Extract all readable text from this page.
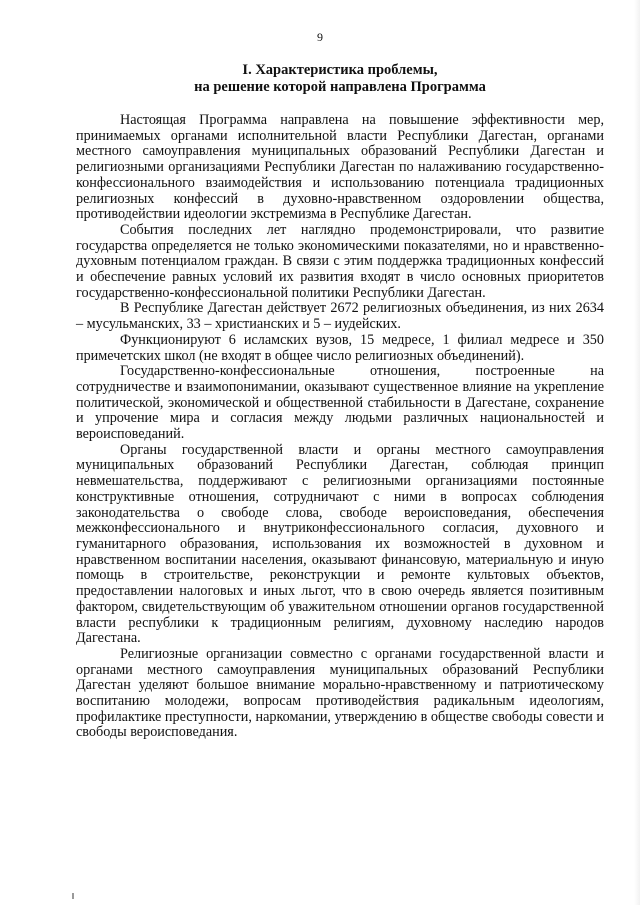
9
I. Характеристика проблемы,
на решение которой направлена Программа

Настоящая Программа направлена на повышение эффективности мер, принимаемых органами исполнительной власти Республики Дагестан, органами местного самоуправления муниципальных образований Республики Дагестан и религиозными организациями Республики Дагестан по налаживанию государственно-конфессионального взаимодействия и использованию потенциала традиционных религиозных конфессий в духовно-нравственном оздоровлении общества, противодействии идеологии экстремизма в Республике Дагестан.

События последних лет наглядно продемонстрировали, что развитие государства определяется не только экономическими показателями, но и нравственно-духовным потенциалом граждан. В связи с этим поддержка традиционных конфессий и обеспечение равных условий их развития входят в число основных приоритетов государственно-конфессиональной политики Республики Дагестан.

В Республике Дагестан действует 2672 религиозных объединения, из них 2634 – мусульманских, 33 – христианских и 5 – иудейских.

Функционируют 6 исламских вузов, 15 медресе, 1 филиал медресе и 350 примечетских школ (не входят в общее число религиозных объединений).

Государственно-конфессиональные отношения, построенные на сотрудничестве и взаимопонимании, оказывают существенное влияние на укрепление политической, экономической и общественной стабильности в Дагестане, сохранение и упрочение мира и согласия между людьми различных национальностей и вероисповеданий.

Органы государственной власти и органы местного самоуправления муниципальных образований Республики Дагестан, соблюдая принцип невмешательства, поддерживают с религиозными организациями постоянные конструктивные отношения, сотрудничают с ними в вопросах соблюдения законодательства о свободе слова, свободе вероисповедания, обеспечения межконфессионального и внутриконфессионального согласия, духовного и гуманитарного образования, использования их возможностей в духовном и нравственном воспитании населения, оказывают финансовую, материальную и иную помощь в строительстве, реконструкции и ремонте культовых объектов, предоставлении налоговых и иных льгот, что в свою очередь является позитивным фактором, свидетельствующим об уважительном отношении органов государственной власти республики к традиционным религиям, духовному наследию народов Дагестана.

Религиозные организации совместно с органами государственной власти и органами местного самоуправления муниципальных образований Республики Дагестан уделяют большое внимание морально-нравственному и патриотическому воспитанию молодежи, вопросам противодействия радикальным идеологиям, профилактике преступности, наркомании, утверждению в обществе свободы совести и свободы вероисповедания.
